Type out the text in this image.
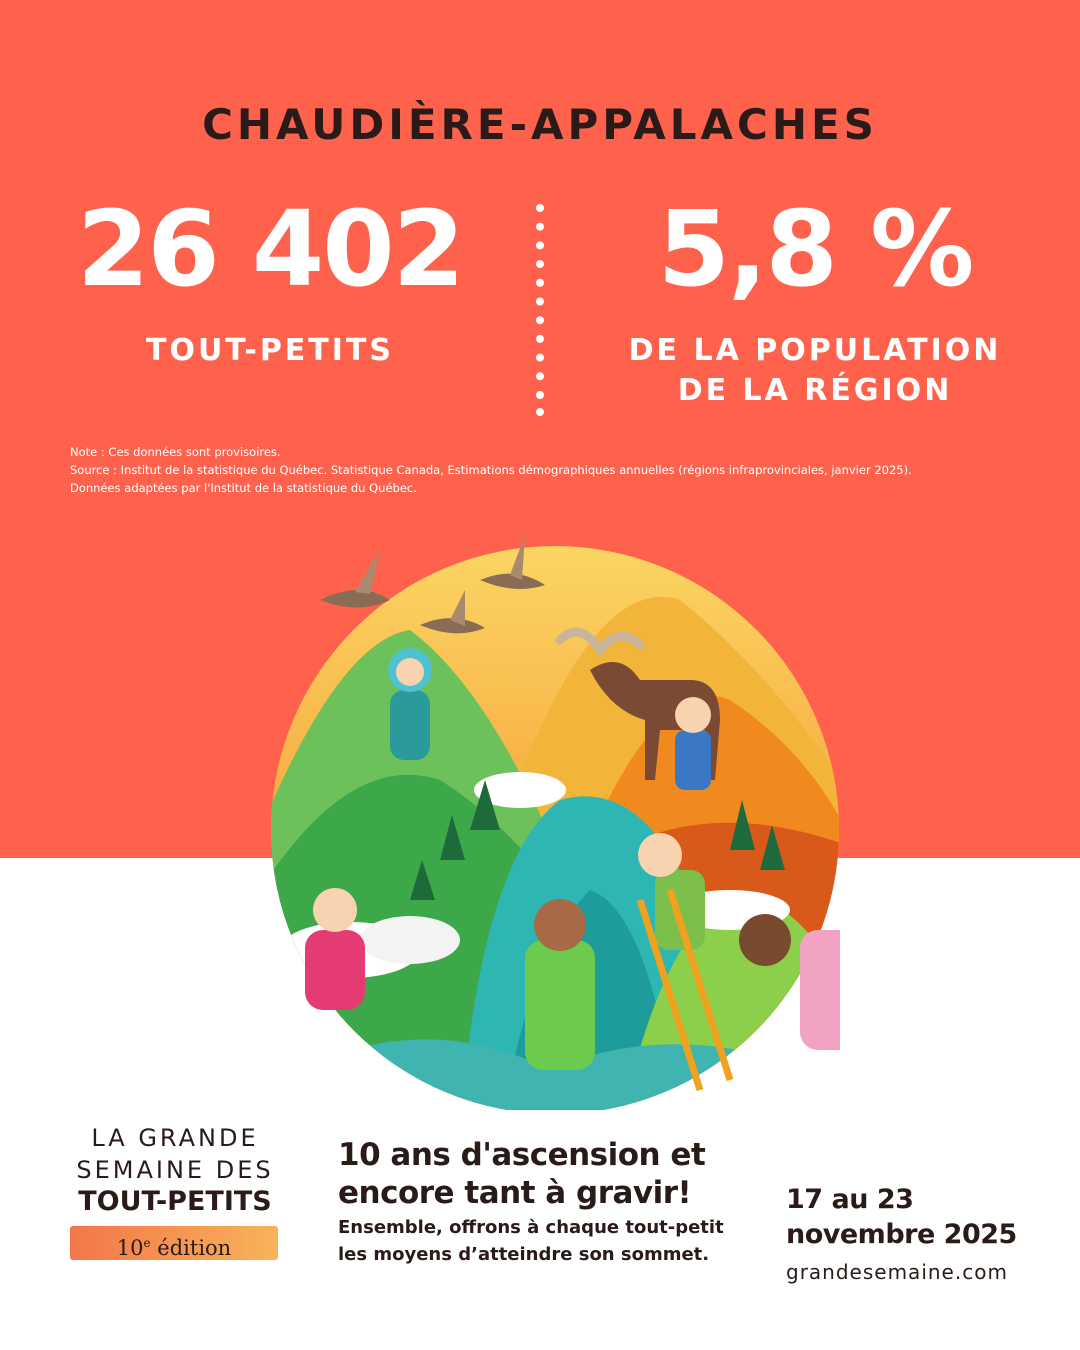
CHAUDIÈRE-APPALACHES
26 402
TOUT-PETITS
5,8 %
DE LA POPULATION
DE LA RÉGION
Note : Ces données sont provisoires.
Source : Institut de la statistique du Québec. Statistique Canada, Estimations démographiques annuelles (régions infraprovinciales, janvier 2025).
Données adaptées par l'Institut de la statistique du Québec.
LA GRANDE
SEMAINE DES
TOUT-PETITS
10e édition
10 ans d'ascension et
encore tant à gravir!
Ensemble, offrons à chaque tout-petit
les moyens d’atteindre son sommet.
17 au 23
novembre 2025
grandesemaine.com
